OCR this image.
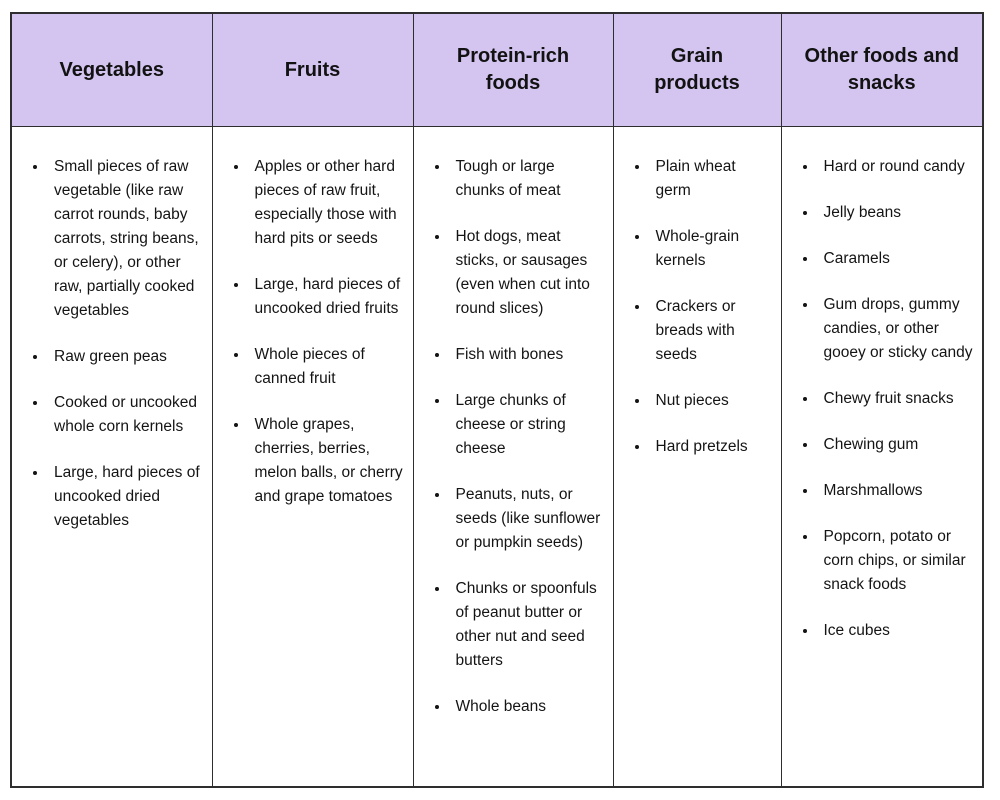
Vegetables	Fruits	Protein-rich foods	Grain products	Other foods and snacks

• Small pieces of raw vegetable (like raw carrot rounds, baby carrots, string beans, or celery), or other raw, partially cooked vegetables
• Raw green peas
• Cooked or uncooked whole corn kernels
• Large, hard pieces of uncooked dried vegetables

• Apples or other hard pieces of raw fruit, especially those with hard pits or seeds
• Large, hard pieces of uncooked dried fruits
• Whole pieces of canned fruit
• Whole grapes, cherries, berries, melon balls, or cherry and grape tomatoes

• Tough or large chunks of meat
• Hot dogs, meat sticks, or sausages (even when cut into round slices)
• Fish with bones
• Large chunks of cheese or string cheese
• Peanuts, nuts, or seeds (like sunflower or pumpkin seeds)
• Chunks or spoonfuls of peanut butter or other nut and seed butters
• Whole beans

• Plain wheat germ
• Whole-grain kernels
• Crackers or breads with seeds
• Nut pieces
• Hard pretzels

• Hard or round candy
• Jelly beans
• Caramels
• Gum drops, gummy candies, or other gooey or sticky candy
• Chewy fruit snacks
• Chewing gum
• Marshmallows
• Popcorn, potato or corn chips, or similar snack foods
• Ice cubes
